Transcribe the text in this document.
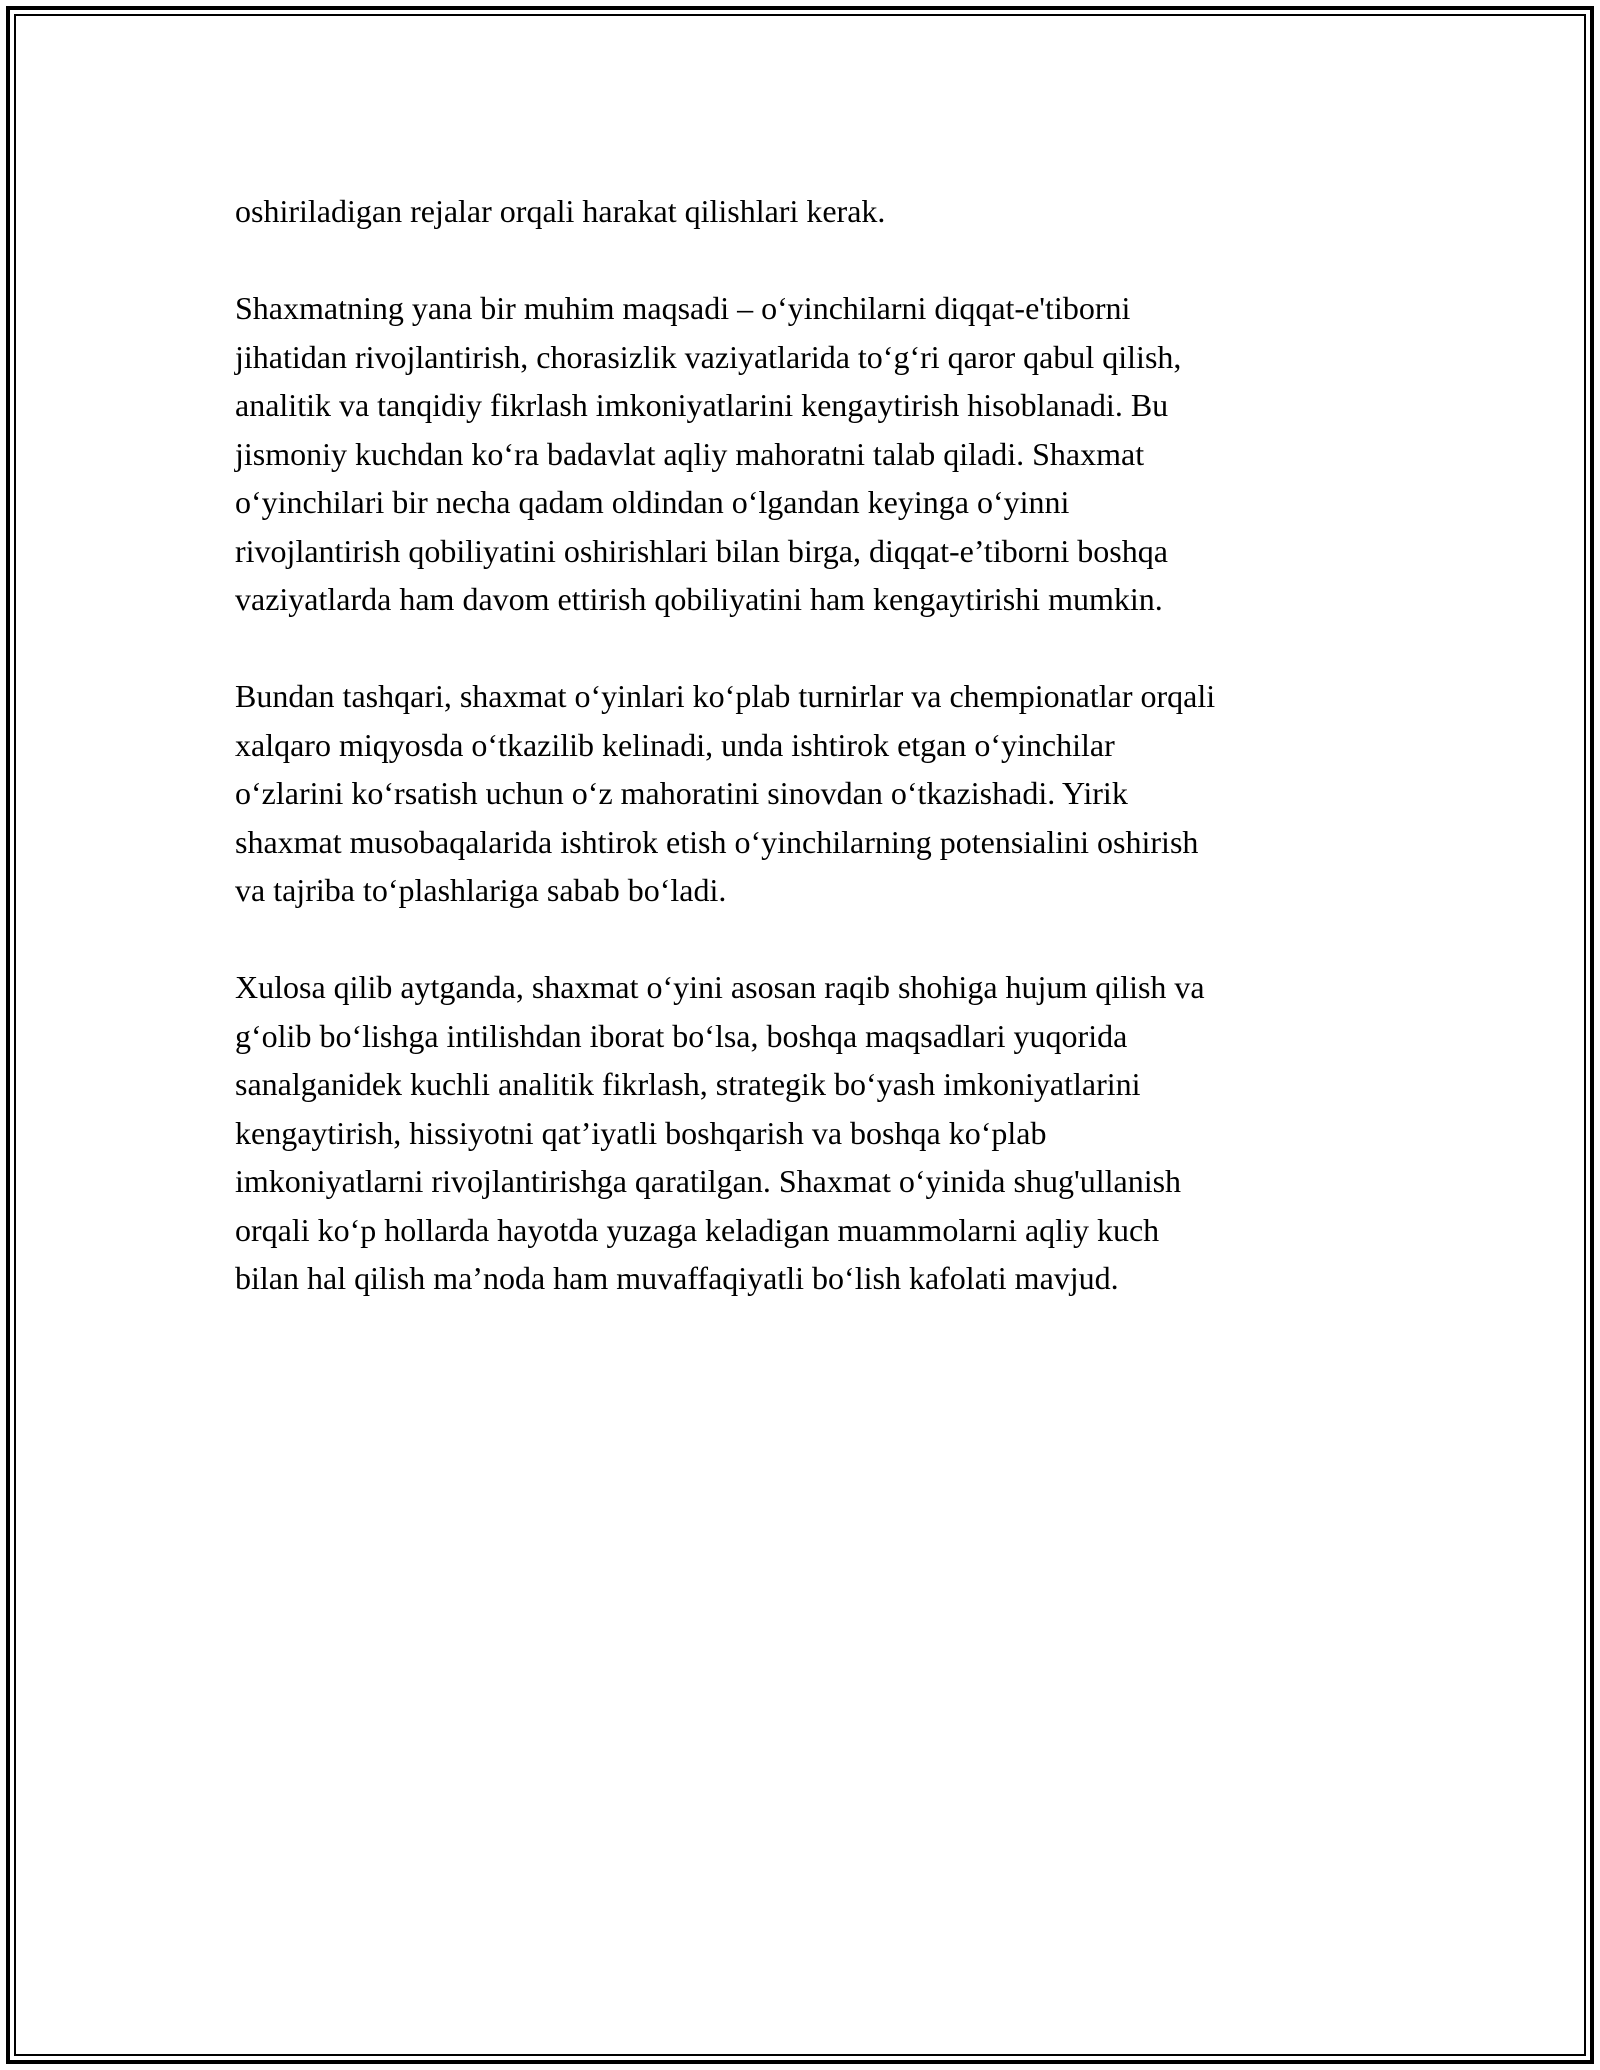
oshiriladigan rejalar orqali harakat qilishlari kerak.

Shaxmatning yana bir muhim maqsadi – o‘yinchilarni diqqat-e'tiborni
jihatidan rivojlantirish, chorasizlik vaziyatlarida to‘g‘ri qaror qabul qilish,
analitik va tanqidiy fikrlash imkoniyatlarini kengaytirish hisoblanadi. Bu
jismoniy kuchdan ko‘ra badavlat aqliy mahoratni talab qiladi. Shaxmat
o‘yinchilari bir necha qadam oldindan o‘lgandan keyinga o‘yinni
rivojlantirish qobiliyatini oshirishlari bilan birga, diqqat-e’tiborni boshqa
vaziyatlarda ham davom ettirish qobiliyatini ham kengaytirishi mumkin.

Bundan tashqari, shaxmat o‘yinlari ko‘plab turnirlar va chempionatlar orqali
xalqaro miqyosda o‘tkazilib kelinadi, unda ishtirok etgan o‘yinchilar
o‘zlarini ko‘rsatish uchun o‘z mahoratini sinovdan o‘tkazishadi. Yirik
shaxmat musobaqalarida ishtirok etish o‘yinchilarning potensialini oshirish
va tajriba to‘plashlariga sabab bo‘ladi.

Xulosa qilib aytganda, shaxmat o‘yini asosan raqib shohiga hujum qilish va
g‘olib bo‘lishga intilishdan iborat bo‘lsa, boshqa maqsadlari yuqorida
sanalganidek kuchli analitik fikrlash, strategik bo‘yash imkoniyatlarini
kengaytirish, hissiyotni qat’iyatli boshqarish va boshqa ko‘plab
imkoniyatlarni rivojlantirishga qaratilgan. Shaxmat o‘yinida shug'ullanish
orqali ko‘p hollarda hayotda yuzaga keladigan muammolarni aqliy kuch
bilan hal qilish ma’noda ham muvaffaqiyatli bo‘lish kafolati mavjud.
